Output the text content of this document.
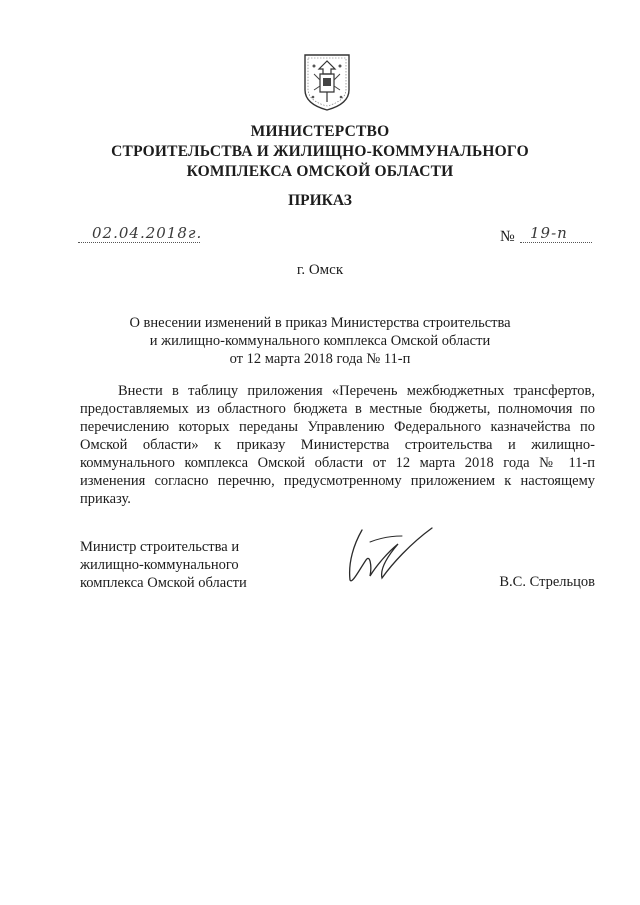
МИНИСТЕРСТВО
СТРОИТЕЛЬСТВА И ЖИЛИЩНО-КОММУНАЛЬНОГО
КОМПЛЕКСА ОМСКОЙ ОБЛАСТИ
ПРИКАЗ
02.04.2018г.	№ 19-п
г. Омск
О внесении изменений в приказ Министерства строительства
и жилищно-коммунального комплекса Омской области
от 12 марта 2018 года № 11-п
Внести в таблицу приложения «Перечень межбюджетных трансфертов,
предоставляемых из областного бюджета в местные бюджеты, полномочия по
перечислению которых переданы Управлению Федерального казначейства по
Омской области» к приказу Министерства строительства и жилищно-
коммунального комплекса Омской области от 12 марта 2018 года № 11-п
изменения согласно перечню, предусмотренному приложением к настоящему
приказу.
Министр строительства и
жилищно-коммунального
комплекса Омской области	В.С. Стрельцов
